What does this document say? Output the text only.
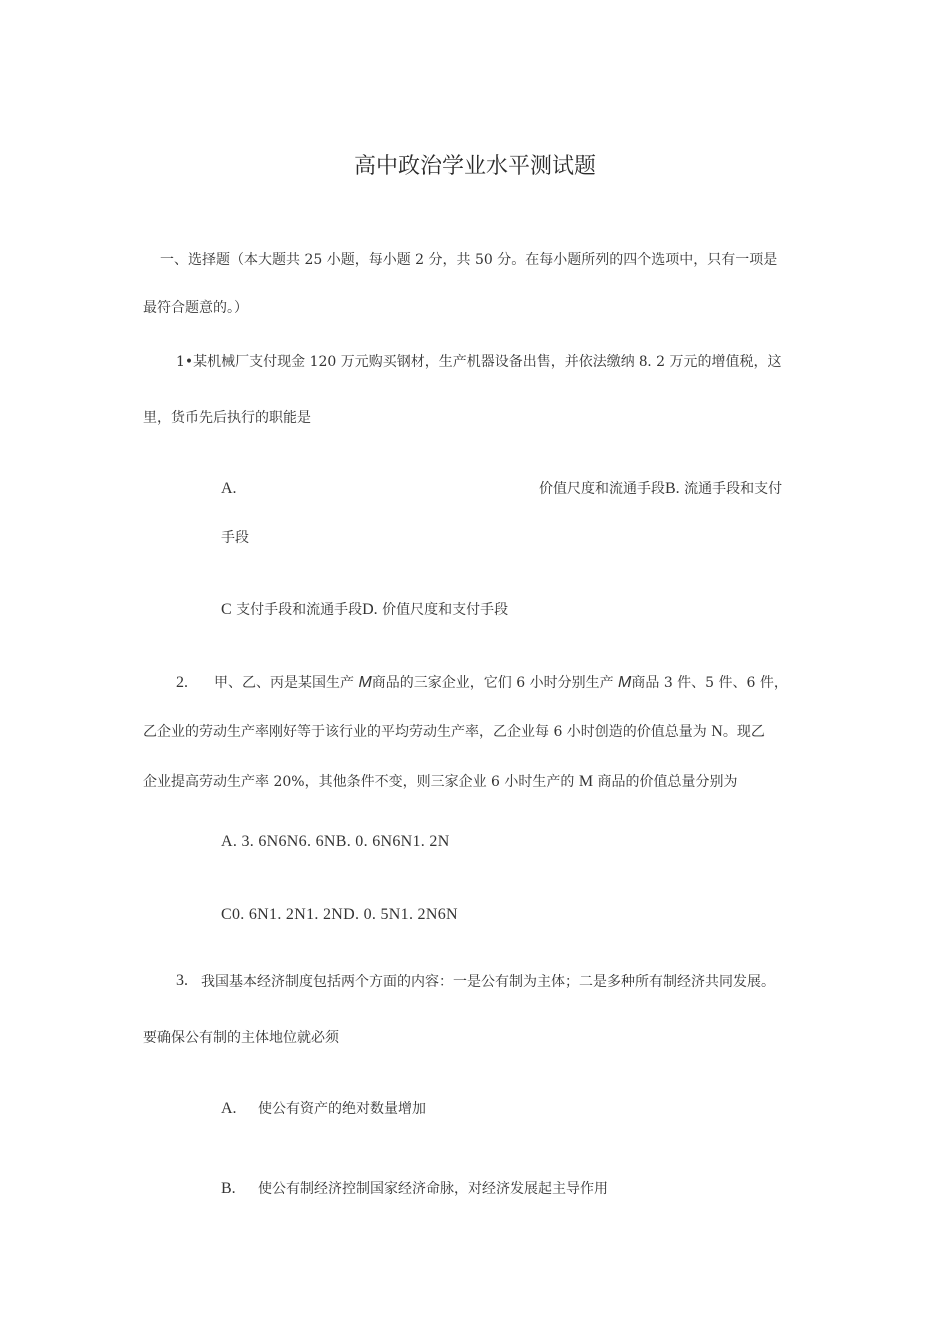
高中政治学业水平测试题
一、选择题（本大题共 25 小题，每小题 2 分，共 50 分。在每小题所列的四个选项中，只有一项是
最符合题意的。）
1•某机械厂支付现金 120 万元购买钢材，生产机器设备出售，并依法缴纳 8. 2 万元的增值税，这
里，货币先后执行的职能是
A.	价值尺度和流通手段B. 流通手段和支付
手段
C 支付手段和流通手段D. 价值尺度和支付手段
2. 甲、乙、丙是某国生产 M商品的三家企业，它们 6 小时分别生产 M商品 3 件、5 件、6 件，
乙企业的劳动生产率刚好等于该行业的平均劳动生产率，乙企业每 6 小时创造的价值总量为 N。现乙
企业提高劳动生产率 20%，其他条件不变，则三家企业 6 小时生产的 M 商品的价值总量分别为
A. 3. 6N6N6. 6NB. 0. 6N6N1. 2N
C0. 6N1. 2N1. 2ND. 0. 5N1. 2N6N
3. 我国基本经济制度包括两个方面的内容：一是公有制为主体；二是多种所有制经济共同发展。
要确保公有制的主体地位就必须
A. 使公有资产的绝对数量增加
B. 使公有制经济控制国家经济命脉，对经济发展起主导作用
